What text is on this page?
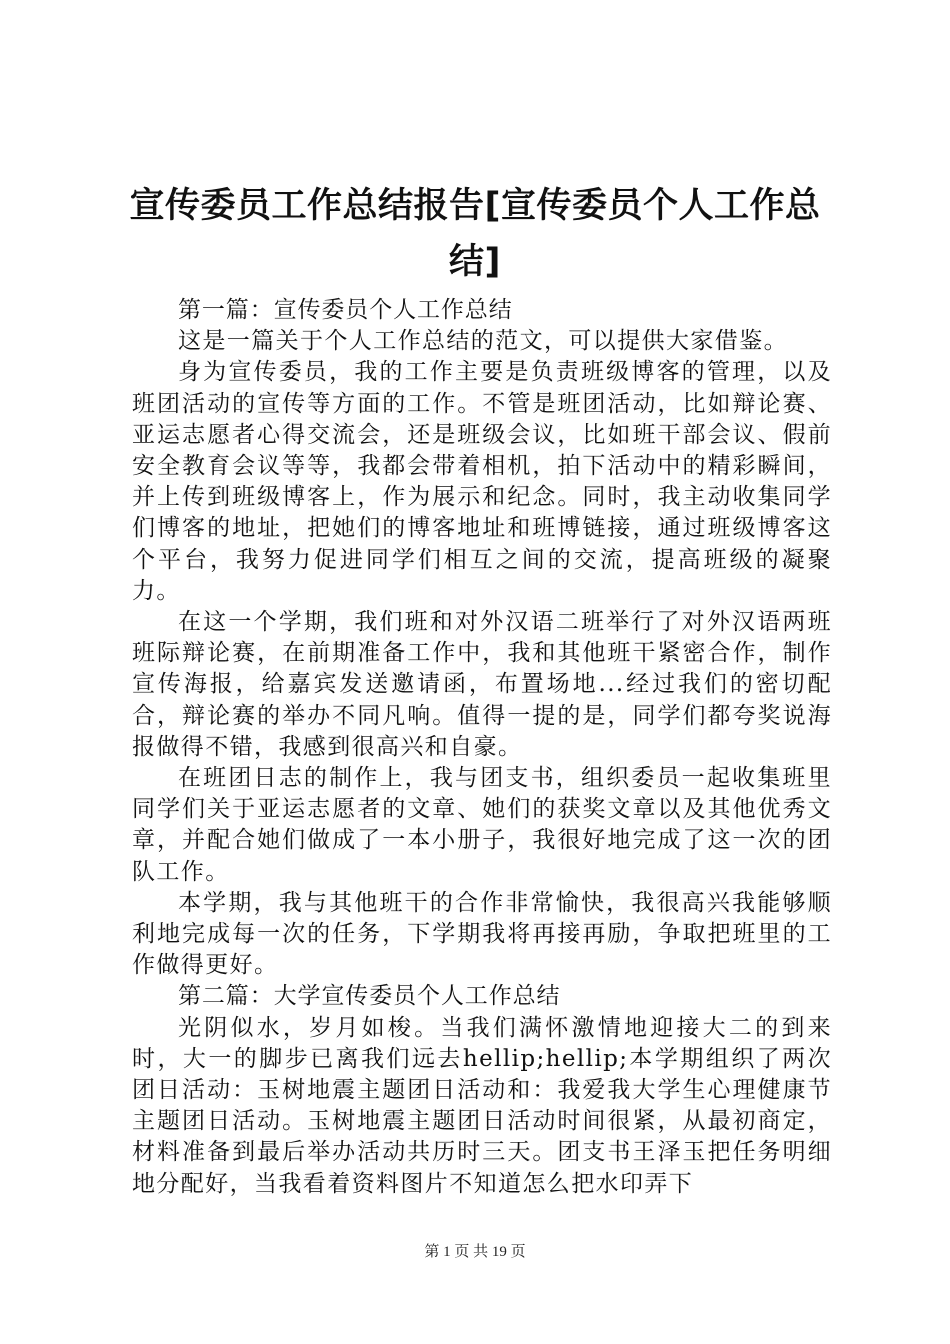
宣传委员工作总结报告[宣传委员个人工作总结]

第一篇：宣传委员个人工作总结

这是一篇关于个人工作总结的范文，可以提供大家借鉴。

身为宣传委员，我的工作主要是负责班级博客的管理，以及班团活动的宣传等方面的工作。不管是班团活动，比如辩论赛、亚运志愿者心得交流会，还是班级会议，比如班干部会议、假前安全教育会议等等，我都会带着相机，拍下活动中的精彩瞬间，并上传到班级博客上，作为展示和纪念。同时，我主动收集同学们博客的地址，把她们的博客地址和班博链接，通过班级博客这个平台，我努力促进同学们相互之间的交流，提高班级的凝聚力。

在这一个学期，我们班和对外汉语二班举行了对外汉语两班班际辩论赛，在前期准备工作中，我和其他班干紧密合作，制作宣传海报，给嘉宾发送邀请函，布置场地...经过我们的密切配合，辩论赛的举办不同凡响。值得一提的是，同学们都夸奖说海报做得不错，我感到很高兴和自豪。

在班团日志的制作上，我与团支书，组织委员一起收集班里同学们关于亚运志愿者的文章、她们的获奖文章以及其他优秀文章，并配合她们做成了一本小册子，我很好地完成了这一次的团队工作。

本学期，我与其他班干的合作非常愉快，我很高兴我能够顺利地完成每一次的任务，下学期我将再接再励，争取把班里的工作做得更好。

第二篇：大学宣传委员个人工作总结

光阴似水，岁月如梭。当我们满怀激情地迎接大二的到来时，大一的脚步已离我们远去hellip;hellip;本学期组织了两次团日活动：玉树地震主题团日活动和：我爱我大学生心理健康节主题团日活动。玉树地震主题团日活动时间很紧，从最初商定，材料准备到最后举办活动共历时三天。团支书王泽玉把任务明细地分配好，当我看着资料图片不知道怎么把水印弄下

第 1 页 共 19 页
